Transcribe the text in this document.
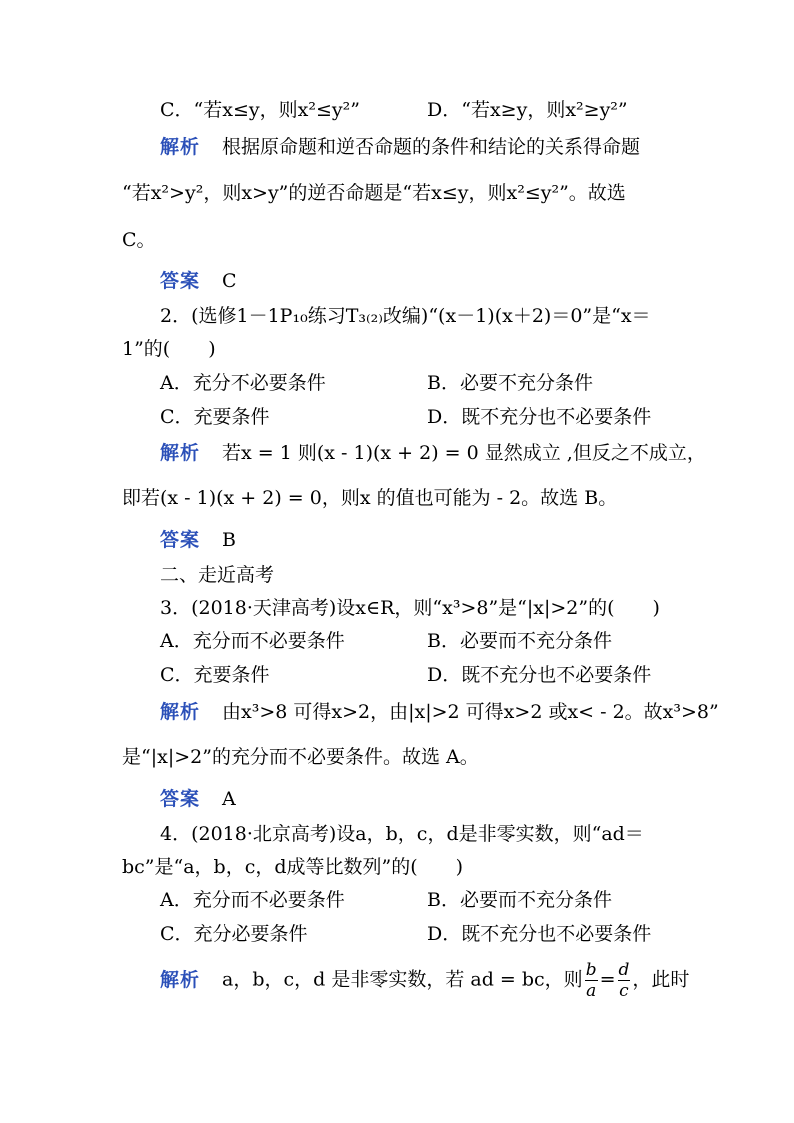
C．“若x≤y，则x²≤y²”	D．“若x≥y，则x²≥y²”
解析 根据原命题和逆否命题的条件和结论的关系得命题
“若x²>y²，则x>y”的逆否命题是“若x≤y，则x²≤y²”。故选
C。
答案 C
2．(选修1－1P₁₀练习T₃₍₂₎改编)“(x－1)(x＋2)＝0”是“x＝
1”的(　　)
A．充分不必要条件	B．必要不充分条件
C．充要条件	D．既不充分也不必要条件
解析 若x = 1 则(x - 1)(x + 2) = 0 显然成立 ,但反之不成立，
即若(x - 1)(x + 2) = 0，则x 的值也可能为 - 2。故选 B。
答案 B
二、走近高考
3．(2018·天津高考)设x∈R，则“x³>8”是“|x|>2”的(　　)
A．充分而不必要条件	B．必要而不充分条件
C．充要条件	D．既不充分也不必要条件
解析 由x³>8 可得x>2，由|x|>2 可得x>2 或x< - 2。故x³>8”
是“|x|>2”的充分而不必要条件。故选 A。
答案 A
4．(2018·北京高考)设a，b，c，d是非零实数，则“ad＝
bc”是“a，b，c，d成等比数列”的(　　)
A．充分而不必要条件	B．必要而不充分条件
C．充分必要条件	D．既不充分也不必要条件
解析 a，b，c，d 是非零实数，若 ad = bc，则 $\frac{b}{a} = \frac{d}{c}$ ，此时
